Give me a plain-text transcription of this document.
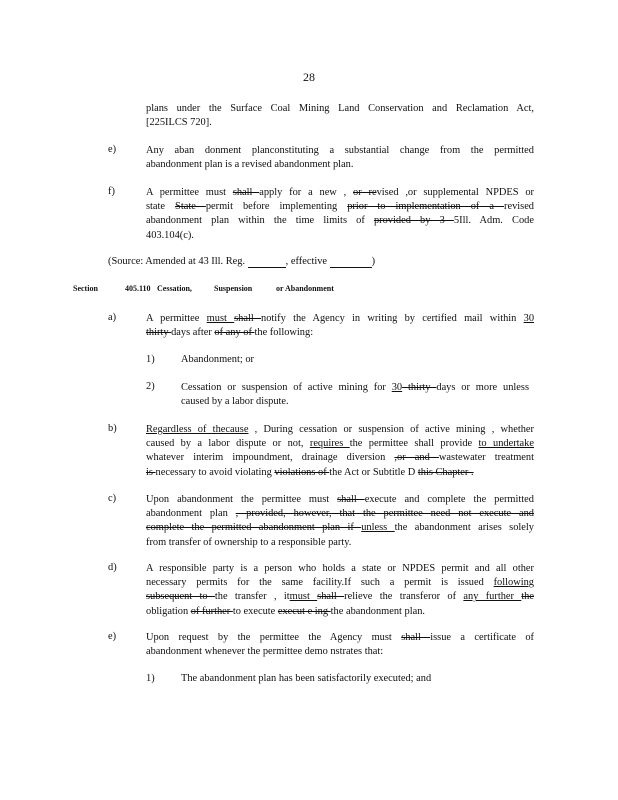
28
plans under the Surface Coal Mining Land Conservation and Reclamation Act,
[225ILCS 720].
e)	Any aban donment planconstituting a substantial change from the permitted
abandonment plan is a revised abandonment plan.
f)	A permittee must shall apply for a new , or revised ,or supplemental NPDES or
state State permit before implementing prior to implementation of a revised
abandonment plan within the time limits of provided by 3 5Ill. Adm. Code
403.104(c).
(Source: Amended at 43 Ill. Reg.	, effective	)
Section	405.110 Cessation,	Suspension	or Abandonment
a)	A permittee must shall notify the Agency in writing by certified mail within 30
thirty days after of any of the following:
1)	Abandonment; or
2)	Cessation or suspension of active mining for 30 thirty days or more unless
caused by a labor dispute.
b)	Regardless of thecause , During cessation or suspension of active mining , whether
caused by a labor dispute or not, requires the permittee shall provide to undertake
whatever interim impoundment, drainage diversion ,or and wastewater treatment
is necessary to avoid violating violations of the Act or Subtitle D this Chapter .
c)	Upon abandonment the permittee must shall execute and complete the permitted
abandonment plan , provided, however, that the permittee need not execute and
complete the permitted abandonment plan if unless the abandonment arises solely
from transfer of ownership to a responsible party.
d)	A responsible party is a person who holds a state or NPDES permit and all other
necessary permits for the same facility.If such a permit is issued following
subsequent to the transfer , itmust shall relieve the transferor of any further the
obligation of further to execute execut e ing the abandonment plan.
e)	Upon request by the permittee the Agency must shall issue a certificate of
abandonment whenever the permittee demo nstrates that:
1)	The abandonment plan has been satisfactorily executed; and
